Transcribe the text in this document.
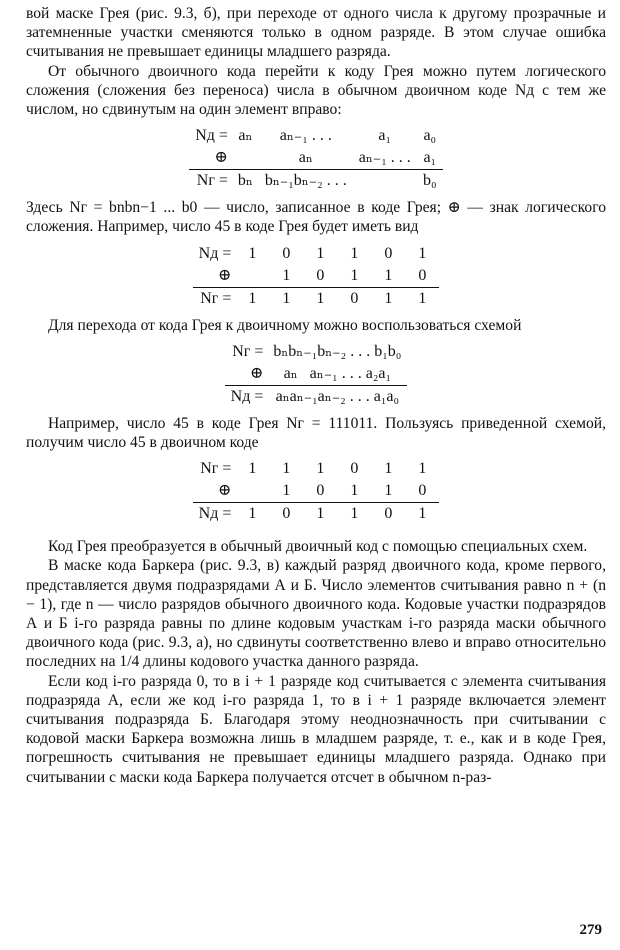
вой маске Грея (рис. 9.3, б), при переходе от одного числа к другому прозрачные и затемненные участки сменяются только в одном разряде. В этом случае ошибка считывания не превышает единицы младшего разряда.

От обычного двоичного кода перейти к коду Грея можно путем логического сложения (сложения без переноса) числа в обычном двоичном коде Nд с тем же числом, но сдвинутым на один элемент вправо:

Nд =	aₙ	aₙ₋₁ . . .	a₁	a₀
⊕		aₙ	aₙ₋₁ . . .	a₁
Nг =	bₙ	bₙ₋₁bₙ₋₂ . . .		b₀

Здесь Nг = bnbn−1 ... b0 — число, записанное в коде Грея; ⊕ — знак логического сложения. Например, число 45 в коде Грея будет иметь вид

Nд =	1	0	1	1	0	1
⊕		1	0	1	1	0
Nг =	1	1	1	0	1	1

Для перехода от кода Грея к двоичному можно воспользоваться схемой

Nг =	bₙbₙ₋₁bₙ₋₂ . . . b₁b₀
⊕	aₙ   aₙ₋₁ . . . a₂a₁
Nд =	aₙaₙ₋₁aₙ₋₂ . . . a₁a₀

Например, число 45 в коде Грея Nг = 111011. Пользуясь приведенной схемой, получим число 45 в двоичном коде

Nг =	1	1	1	0	1	1
⊕		1	0	1	1	0
Nд =	1	0	1	1	0	1

Код Грея преобразуется в обычный двоичный код с помощью специальных схем.

В маске кода Баркера (рис. 9.3, в) каждый разряд двоичного кода, кроме первого, представляется двумя подразрядами А и Б. Число элементов считывания равно n + (n − 1), где n — число разрядов обычного двоичного кода. Кодовые участки подразрядов А и Б i-го разряда равны по длине кодовым участкам i-го разряда маски обычного двоичного кода (рис. 9.3, а), но сдвинуты соответственно влево и вправо относительно последних на 1/4 длины кодового участка данного разряда.

Если код i-го разряда 0, то в i + 1 разряде код считывается с элемента считывания подразряда А, если же код i-го разряда 1, то в i + 1 разряде включается элемент считывания подразряда Б. Благодаря этому неоднозначность при считывании с кодовой маски Баркера возможна лишь в младшем разряде, т. е., как и в коде Грея, погрешность считывания не превышает единицы младшего разряда. Однако при считывании с маски кода Баркера получается отсчет в обычном n-раз-

279
